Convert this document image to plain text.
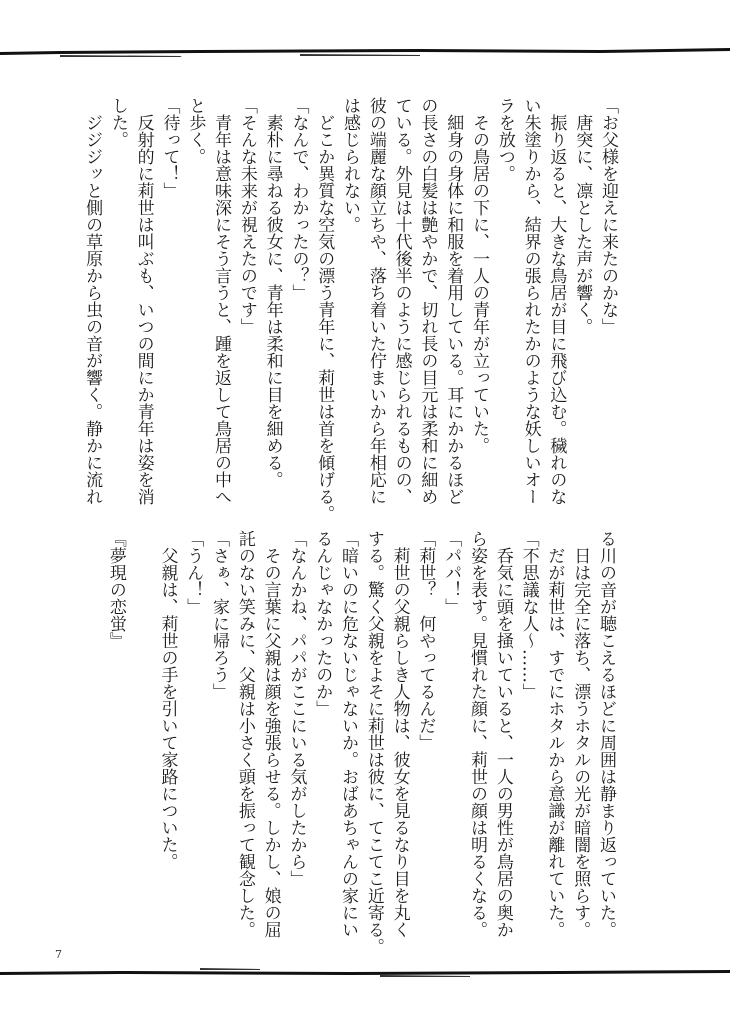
「お父様を迎えに来たのかな」
　唐突に、凛とした声が響く。
　振り返ると、大きな鳥居が目に飛び込む。穢れのな
い朱塗りから、結界の張られたかのような妖しいオー
ラを放つ。
　その鳥居の下に、一人の青年が立っていた。
　細身の身体に和服を着用している。耳にかかるほど
の長さの白髪は艶やかで、切れ長の目元は柔和に細め
ている。外見は十代後半のように感じられるものの、
彼の端麗な顔立ちや、落ち着いた佇まいから年相応に
は感じられない。
　どこか異質な空気の漂う青年に、莉世は首を傾げる。
「なんで、わかったの？」
　素朴に尋ねる彼女に、青年は柔和に目を細める。
「そんな未来が視えたのです」
　青年は意味深にそう言うと、踵を返して鳥居の中へ
と歩く。
「待って！」
　反射的に莉世は叫ぶも、いつの間にか青年は姿を消
した。
　ジジジッと側の草原から虫の音が響く。静かに流れ
る川の音が聴こえるほどに周囲は静まり返っていた。
　日は完全に落ち、漂うホタルの光が暗闇を照らす。
　だが莉世は、すでにホタルから意識が離れていた。
「不思議な人〜……」
　呑気に頭を掻いていると、一人の男性が鳥居の奥か
ら姿を表す。見慣れた顔に、莉世の顔は明るくなる。
「パパ！」
「莉世？　何やってるんだ」
　莉世の父親らしき人物は、彼女を見るなり目を丸く
する。驚く父親をよそに莉世は彼に、てこてこ近寄る。
「暗いのに危ないじゃないか。おばあちゃんの家にい
るんじゃなかったのか」
「なんかね、パパがここにいる気がしたから」
　その言葉に父親は顔を強張らせる。しかし、娘の屈
託のない笑みに、父親は小さく頭を振って観念した。
「さぁ、家に帰ろう」
「うん！」
　父親は、莉世の手を引いて家路についた。
『夢現の恋蛍』
7
